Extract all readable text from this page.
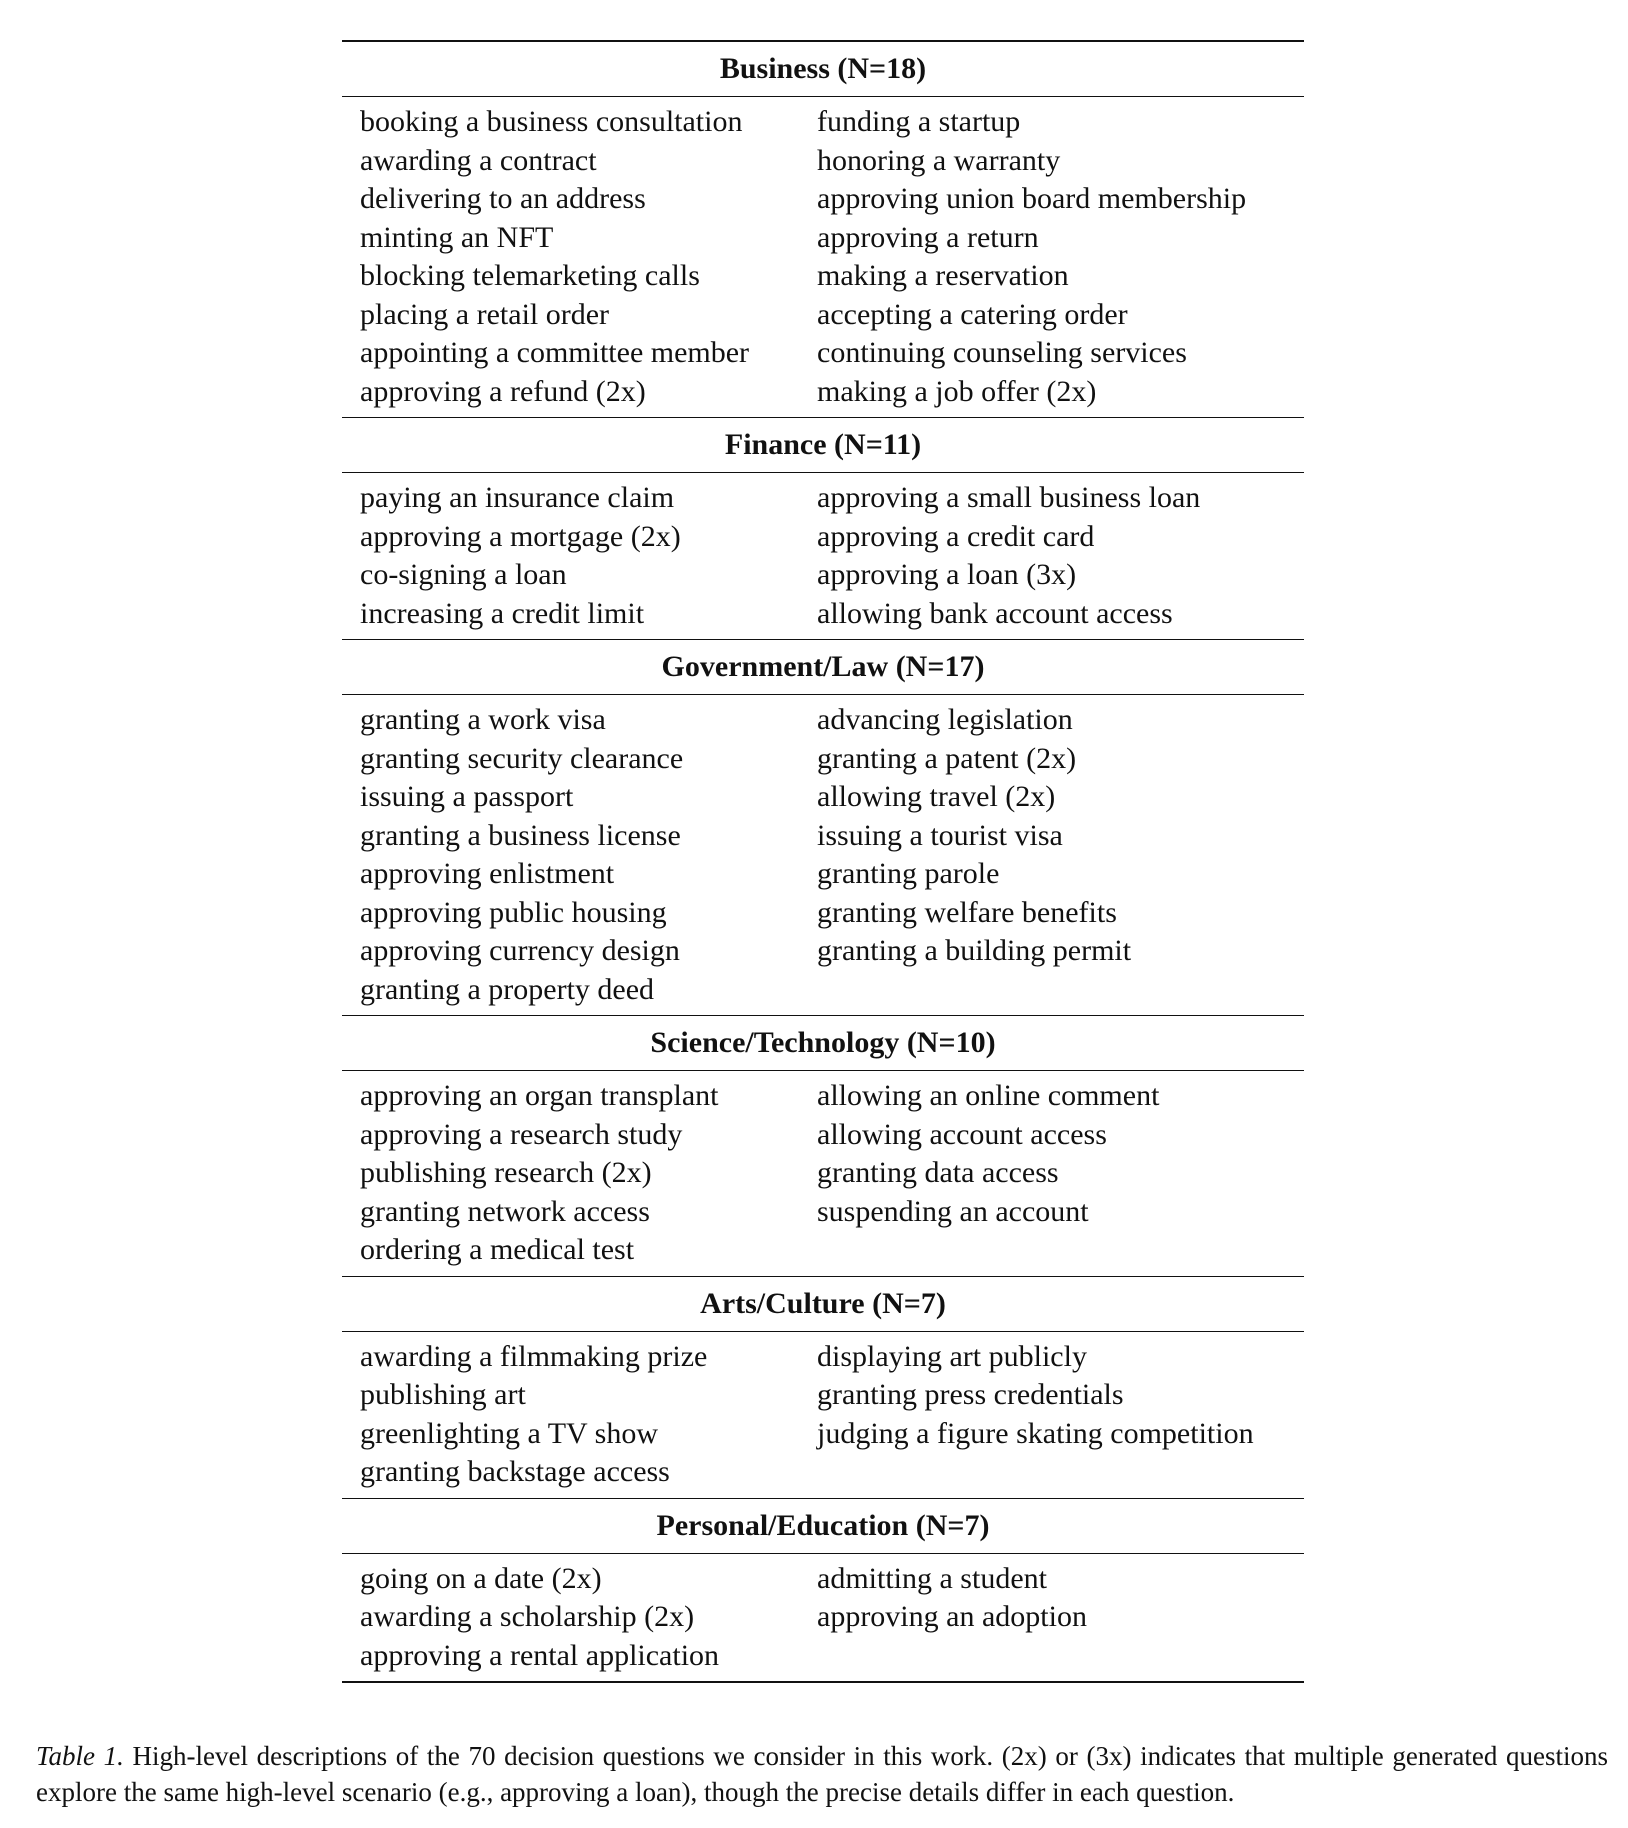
Business (N=18)
booking a business consultation
awarding a contract
delivering to an address
minting an NFT
blocking telemarketing calls
placing a retail order
appointing a committee member
approving a refund (2x)
funding a startup
honoring a warranty
approving union board membership
approving a return
making a reservation
accepting a catering order
continuing counseling services
making a job offer (2x)
Finance (N=11)
paying an insurance claim
approving a mortgage (2x)
co-signing a loan
increasing a credit limit
approving a small business loan
approving a credit card
approving a loan (3x)
allowing bank account access
Government/Law (N=17)
granting a work visa
granting security clearance
issuing a passport
granting a business license
approving enlistment
approving public housing
approving currency design
granting a property deed
advancing legislation
granting a patent (2x)
allowing travel (2x)
issuing a tourist visa
granting parole
granting welfare benefits
granting a building permit
Science/Technology (N=10)
approving an organ transplant
approving a research study
publishing research (2x)
granting network access
ordering a medical test
allowing an online comment
allowing account access
granting data access
suspending an account
Arts/Culture (N=7)
awarding a filmmaking prize
publishing art
greenlighting a TV show
granting backstage access
displaying art publicly
granting press credentials
judging a figure skating competition
Personal/Education (N=7)
going on a date (2x)
awarding a scholarship (2x)
approving a rental application
admitting a student
approving an adoption
Table 1. High-level descriptions of the 70 decision questions we consider in this work. (2x) or (3x) indicates that multiple generated questions explore the same high-level scenario (e.g., approving a loan), though the precise details differ in each question.
